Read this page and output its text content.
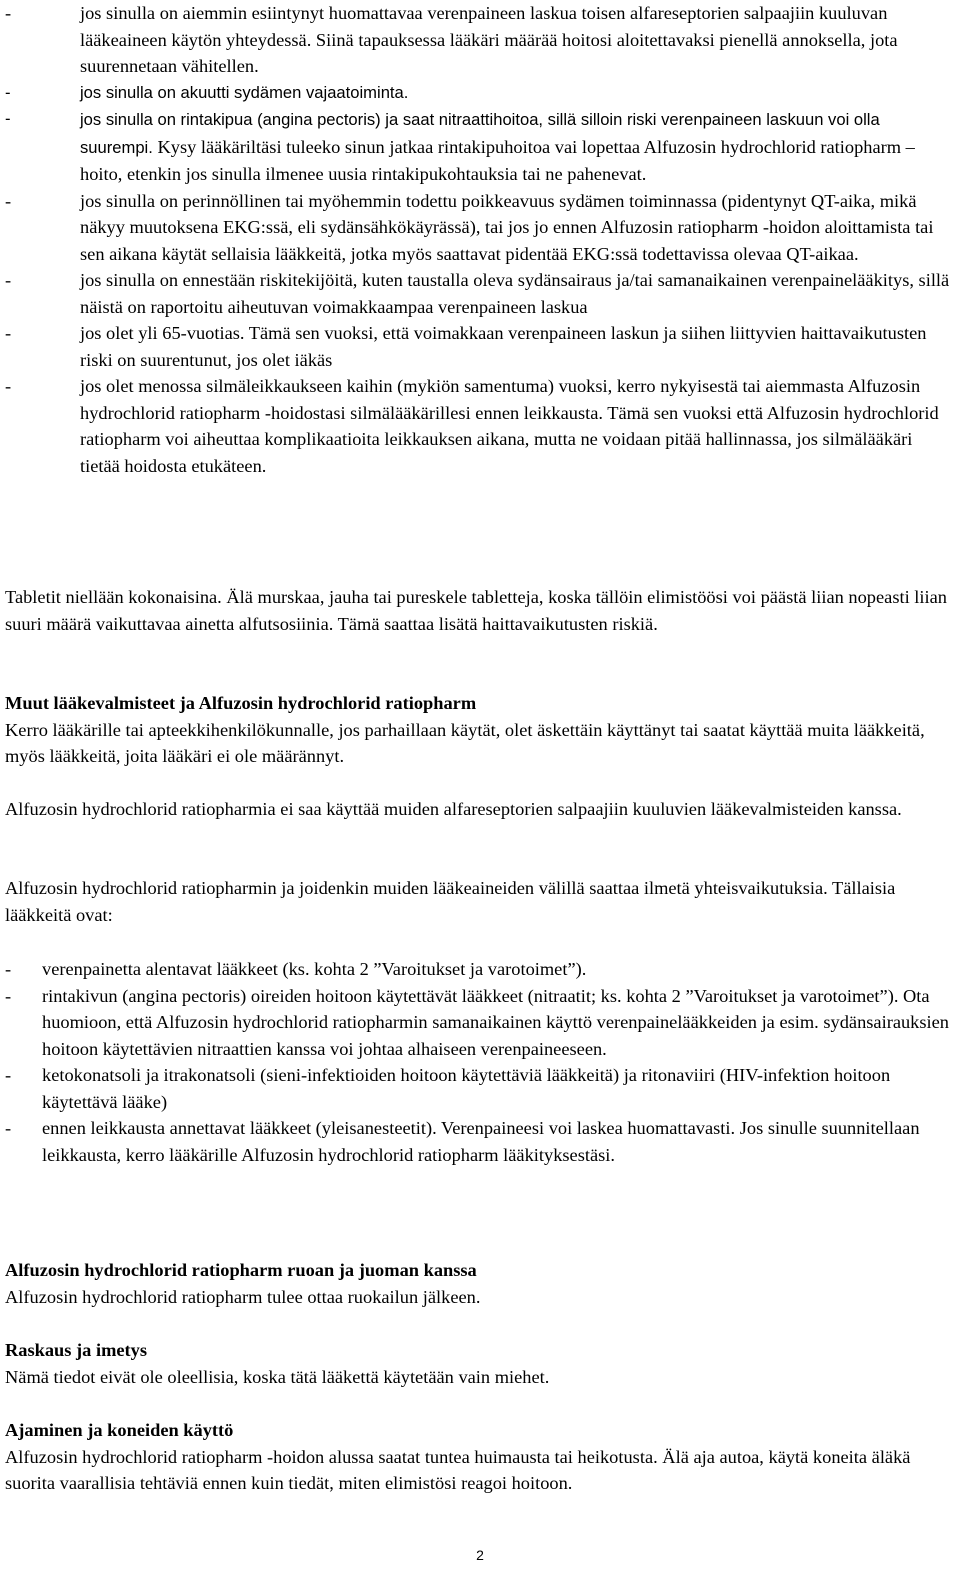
-	jos sinulla on aiemmin esiintynyt huomattavaa verenpaineen laskua toisen alfareseptorien salpaajiin kuuluvan lääkeaineen käytön yhteydessä. Siinä tapauksessa lääkäri määrää hoitosi aloitettavaksi pienellä annoksella, jota suurennetaan vähitellen.
-	jos sinulla on akuutti sydämen vajaatoiminta.
-	jos sinulla on rintakipua (angina pectoris) ja saat nitraattihoitoa, sillä silloin riski verenpaineen laskuun voi olla suurempi. Kysy lääkäriltäsi tuleeko sinun jatkaa rintakipuhoitoa vai lopettaa Alfuzosin hydrochlorid ratiopharm –hoito, etenkin jos sinulla ilmenee uusia rintakipukohtauksia tai ne pahenevat.
-	jos sinulla on perinnöllinen tai myöhemmin todettu poikkeavuus sydämen toiminnassa (pidentynyt QT-aika, mikä näkyy muutoksena EKG:ssä, eli sydänsähkökäyrässä), tai jos jo ennen Alfuzosin ratiopharm -hoidon aloittamista tai sen aikana käytät sellaisia lääkkeitä, jotka myös saattavat pidentää EKG:ssä todettavissa olevaa QT-aikaa.
-	jos sinulla on ennestään riskitekijöitä, kuten taustalla oleva sydänsairaus ja/tai samanaikainen verenpainelääkitys, sillä näistä on raportoitu aiheutuvan voimakkaampaa verenpaineen laskua
-	jos olet yli 65-vuotias. Tämä sen vuoksi, että voimakkaan verenpaineen laskun ja siihen liittyvien haittavaikutusten riski on suurentunut, jos olet iäkäs
-	jos olet menossa silmäleikkaukseen kaihin (mykiön samentuma) vuoksi, kerro nykyisestä tai aiemmasta Alfuzosin hydrochlorid ratiopharm -hoidostasi silmälääkärillesi ennen leikkausta. Tämä sen vuoksi että Alfuzosin hydrochlorid ratiopharm voi aiheuttaa komplikaatioita leikkauksen aikana, mutta ne voidaan pitää hallinnassa, jos silmälääkäri tietää hoidosta etukäteen.

Tabletit niellään kokonaisina. Älä murskaa, jauha tai pureskele tabletteja, koska tällöin elimistöösi voi päästä liian nopeasti liian suuri määrä vaikuttavaa ainetta alfutsosiinia. Tämä saattaa lisätä haittavaikutusten riskiä.

Muut lääkevalmisteet ja Alfuzosin hydrochlorid ratiopharm

Kerro lääkärille tai apteekkihenkilökunnalle, jos parhaillaan käytät, olet äskettäin käyttänyt tai saatat käyttää muita lääkkeitä, myös lääkkeitä, joita lääkäri ei ole määrännyt.

Alfuzosin hydrochlorid ratiopharmia ei saa käyttää muiden alfareseptorien salpaajiin kuuluvien lääkevalmisteiden kanssa.

Alfuzosin hydrochlorid ratiopharmin ja joidenkin muiden lääkeaineiden välillä saattaa ilmetä yhteisvaikutuksia. Tällaisia lääkkeitä ovat:

-	verenpainetta alentavat lääkkeet (ks. kohta 2 ”Varoitukset ja varotoimet”).
-	rintakivun (angina pectoris) oireiden hoitoon käytettävät lääkkeet (nitraatit; ks. kohta 2 ”Varoitukset ja varotoimet”). Ota huomioon, että Alfuzosin hydrochlorid ratiopharmin samanaikainen käyttö verenpainelääkkeiden ja esim. sydänsairauksien hoitoon käytettävien nitraattien kanssa voi johtaa alhaiseen verenpaineeseen.
-	ketokonatsoli ja itrakonatsoli (sieni-infektioiden hoitoon käytettäviä lääkkeitä) ja ritonaviiri (HIV-infektion hoitoon käytettävä lääke)
-	ennen leikkausta annettavat lääkkeet (yleisanesteetit). Verenpaineesi voi laskea huomattavasti. Jos sinulle suunnitellaan leikkausta, kerro lääkärille Alfuzosin hydrochlorid ratiopharm lääkityksestäsi.

Alfuzosin hydrochlorid ratiopharm ruoan ja juoman kanssa

Alfuzosin hydrochlorid ratiopharm tulee ottaa ruokailun jälkeen.

Raskaus ja imetys

Nämä tiedot eivät ole oleellisia, koska tätä lääkettä käytetään vain miehet.

Ajaminen ja koneiden käyttö

Alfuzosin hydrochlorid ratiopharm -hoidon alussa saatat tuntea huimausta tai heikotusta. Älä aja autoa, käytä koneita äläkä suorita vaarallisia tehtäviä ennen kuin tiedät, miten elimistösi reagoi hoitoon.

2
